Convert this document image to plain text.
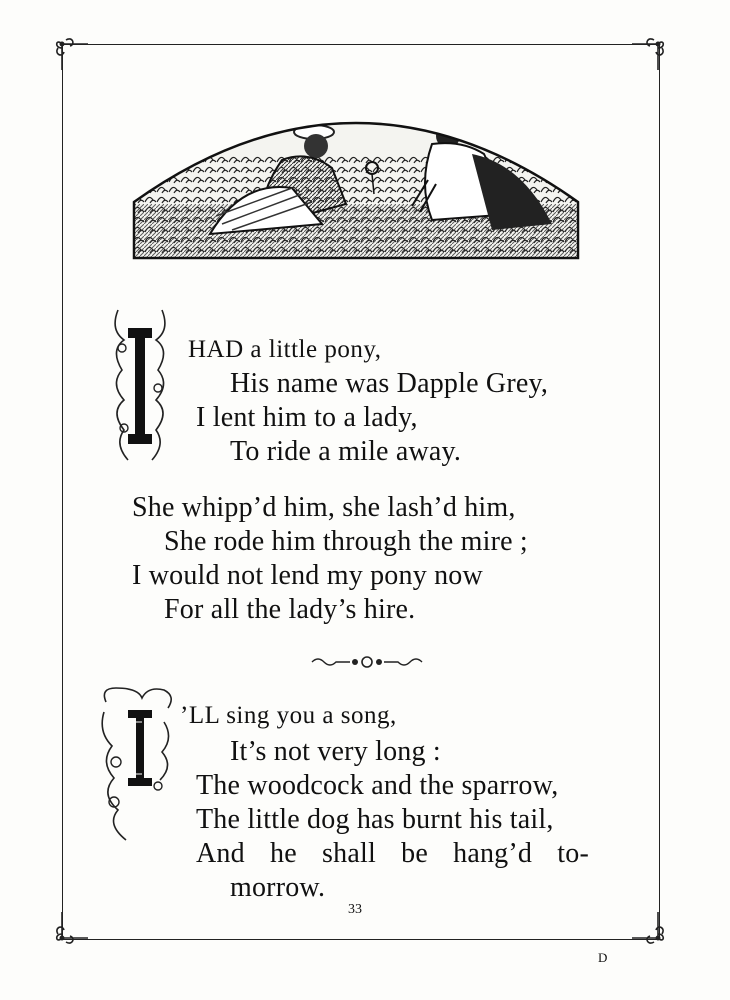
HAD a little pony,
His name was Dapple Grey,
I lent him to a lady,
To ride a mile away.
She whipp’d him, she lash’d him,
She rode him through the mire ;
I would not lend my pony now
For all the lady’s hire.
’LL sing you a song,
It’s not very long :
The woodcock and the sparrow,
The little dog has burnt his tail,
And he shall be hang’d to-
morrow.
33
D
